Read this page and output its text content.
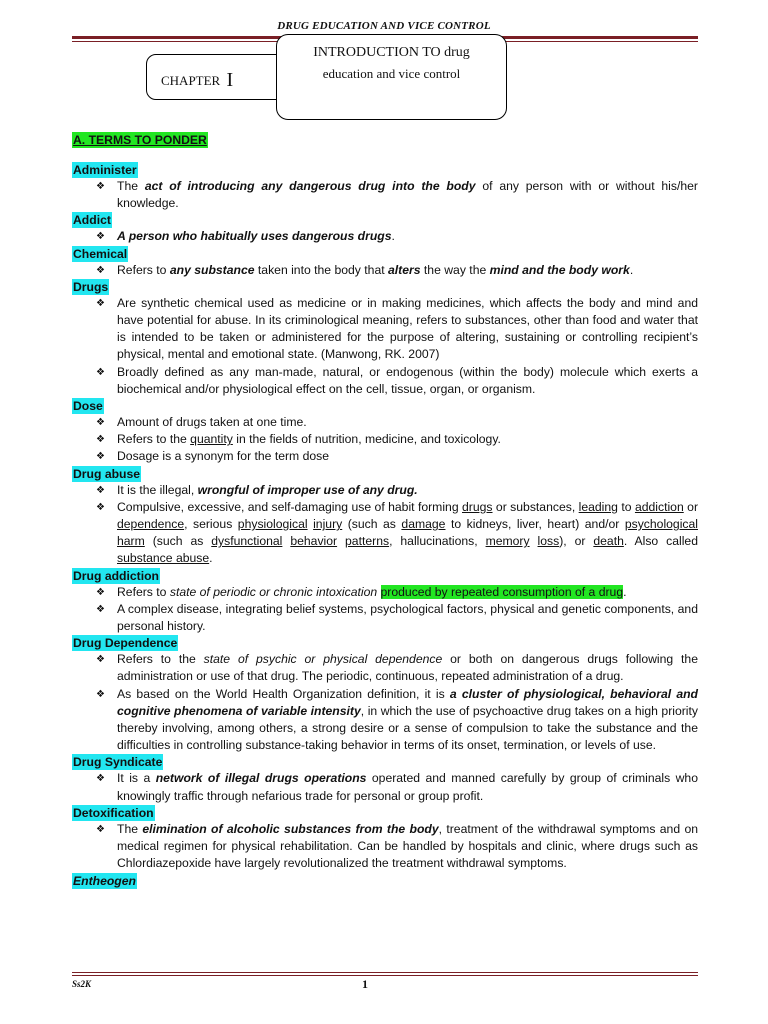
DRUG EDUCATION AND VICE CONTROL
CHAPTER I
INTRODUCTION TO drug
education and vice control
A. TERMS TO PONDER
Administer
❖ The act of introducing any dangerous drug into the body of any person with or without his/her knowledge.
Addict
❖ A person who habitually uses dangerous drugs.
Chemical
❖ Refers to any substance taken into the body that alters the way the mind and the body work.
Drugs
❖ Are synthetic chemical used as medicine or in making medicines, which affects the body and mind and have potential for abuse. In its criminological meaning, refers to substances, other than food and water that is intended to be taken or administered for the purpose of altering, sustaining or controlling recipient’s physical, mental and emotional state. (Manwong, RK. 2007)
❖ Broadly defined as any man-made, natural, or endogenous (within the body) molecule which exerts a biochemical and/or physiological effect on the cell, tissue, organ, or organism.
Dose
❖ Amount of drugs taken at one time.
❖ Refers to the quantity in the fields of nutrition, medicine, and toxicology.
❖ Dosage is a synonym for the term dose
Drug abuse
❖ It is the illegal, wrongful of improper use of any drug.
❖ Compulsive, excessive, and self-damaging use of habit forming drugs or substances, leading to addiction or dependence, serious physiological injury (such as damage to kidneys, liver, heart) and/or psychological harm (such as dysfunctional behavior patterns, hallucinations, memory loss), or death. Also called substance abuse.
Drug addiction
❖ Refers to state of periodic or chronic intoxication produced by repeated consumption of a drug.
❖ A complex disease, integrating belief systems, psychological factors, physical and genetic components, and personal history.
Drug Dependence
❖ Refers to the state of psychic or physical dependence or both on dangerous drugs following the administration or use of that drug. The periodic, continuous, repeated administration of a drug.
❖ As based on the World Health Organization definition, it is a cluster of physiological, behavioral and cognitive phenomena of variable intensity, in which the use of psychoactive drug takes on a high priority thereby involving, among others, a strong desire or a sense of compulsion to take the substance and the difficulties in controlling substance-taking behavior in terms of its onset, termination, or levels of use.
Drug Syndicate
❖ It is a network of illegal drugs operations operated and manned carefully by group of criminals who knowingly traffic through nefarious trade for personal or group profit.
Detoxification
❖ The elimination of alcoholic substances from the body, treatment of the withdrawal symptoms and on medical regimen for physical rehabilitation. Can be handled by hospitals and clinic, where drugs such as Chlordiazepoxide have largely revolutionalized the treatment withdrawal symptoms.
Entheogen
Ss2K	1
